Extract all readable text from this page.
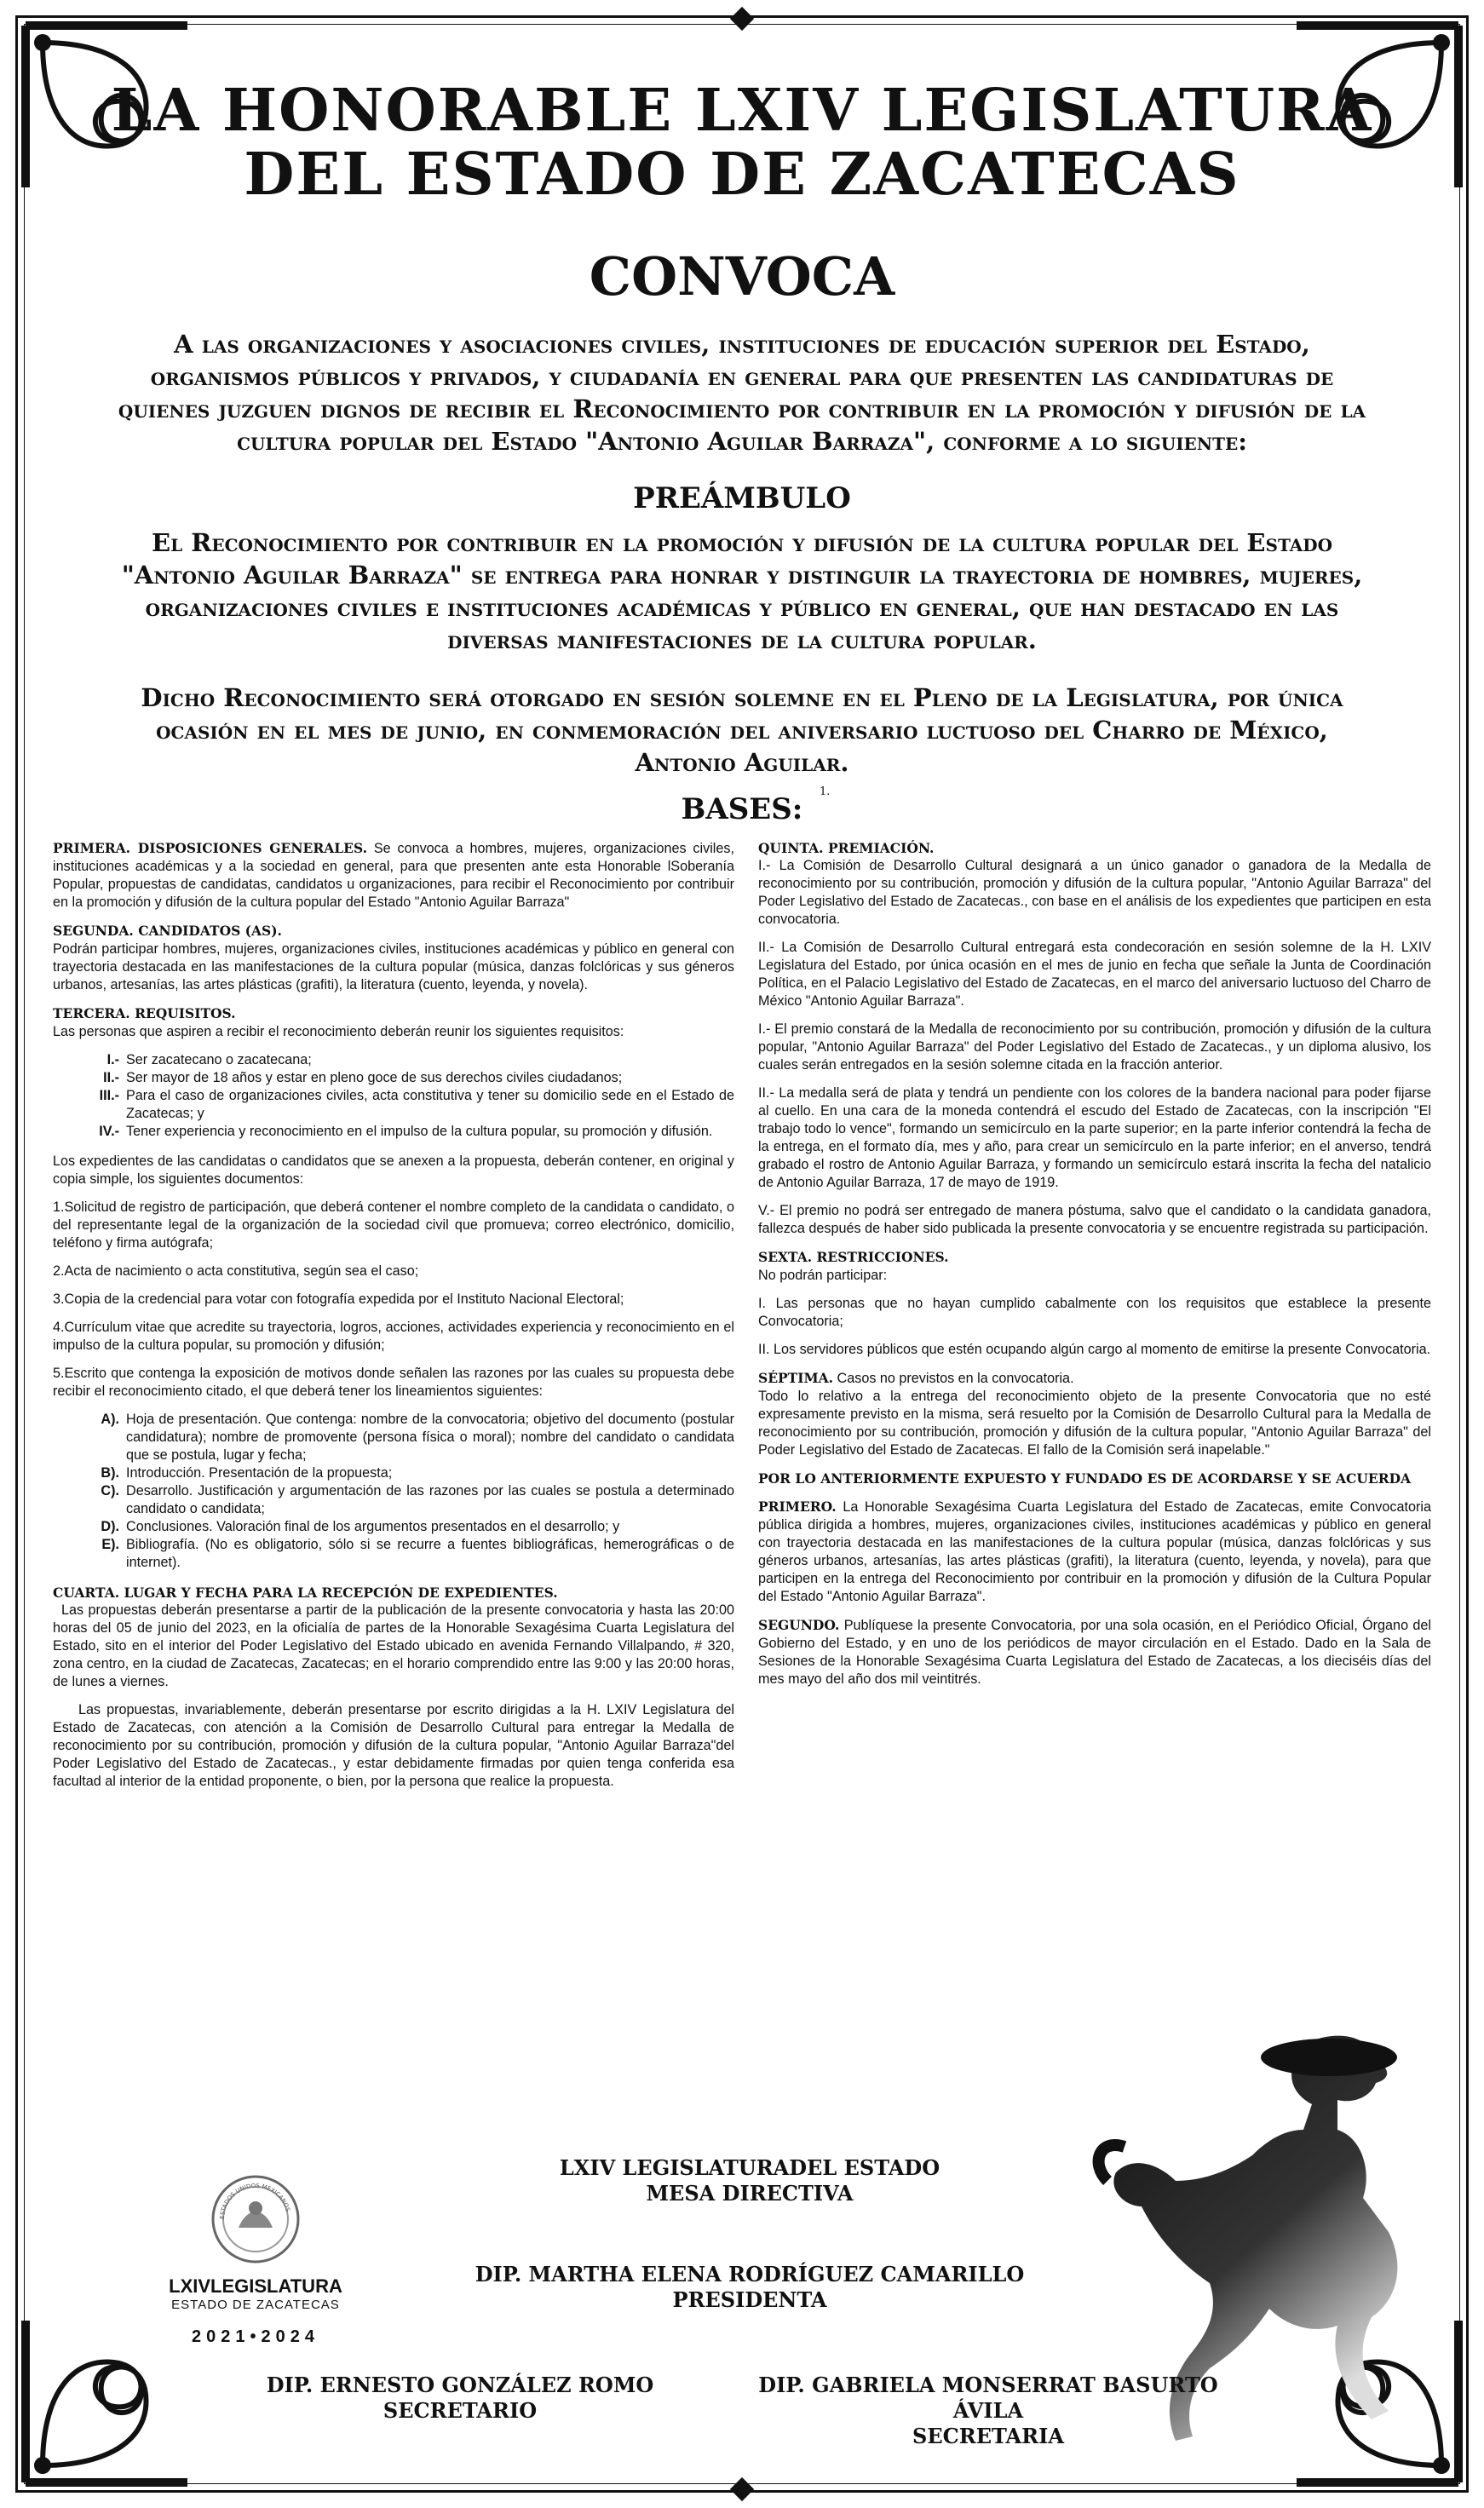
LA HONORABLE LXIV LEGISLATURA
DEL ESTADO DE ZACATECAS
CONVOCA
A las organizaciones y asociaciones civiles, instituciones de educación superior del Estado, organismos públicos y privados, y ciudadanía en general para que presenten las candidaturas de quienes juzguen dignos de recibir el Reconocimiento por contribuir en la promoción y difusión de la cultura popular del Estado "Antonio Aguilar Barraza", conforme a lo siguiente:
PREÁMBULO
El Reconocimiento por contribuir en la promoción y difusión de la cultura popular del Estado "Antonio Aguilar Barraza" se entrega para honrar y distinguir la trayectoria de hombres, mujeres, organizaciones civiles e instituciones académicas y público en general, que han destacado en las diversas manifestaciones de la cultura popular.
Dicho Reconocimiento será otorgado en sesión solemne en el Pleno de la Legislatura, por única ocasión en el mes de junio, en conmemoración del aniversario luctuoso del Charro de México, Antonio Aguilar.
BASES:
1.

PRIMERA. DISPOSICIONES GENERALES. Se convoca a hombres, mujeres, organizaciones civiles, instituciones académicas y a la sociedad en general, para que presenten ante esta Honorable lSoberanía Popular, propuestas de candidatas, candidatos u organizaciones, para recibir el Reconocimiento por contribuir en la promoción y difusión de la cultura popular del Estado "Antonio Aguilar Barraza"

SEGUNDA. CANDIDATOS (AS).
Podrán participar hombres, mujeres, organizaciones civiles, instituciones académicas y público en general con trayectoria destacada en las manifestaciones de la cultura popular (música, danzas folclóricas y sus géneros urbanos, artesanías, las artes plásticas (grafiti), la literatura (cuento, leyenda, y novela).

TERCERA. REQUISITOS.
Las personas que aspiren a recibir el reconocimiento deberán reunir los siguientes requisitos:

I.- Ser zacatecano o zacatecana;
II.- Ser mayor de 18 años y estar en pleno goce de sus derechos civiles ciudadanos;
III.- Para el caso de organizaciones civiles, acta constitutiva y tener su domicilio sede en el Estado de Zacatecas; y
IV.- Tener experiencia y reconocimiento en el impulso de la cultura popular, su promoción y difusión.

Los expedientes de las candidatas o candidatos que se anexen a la propuesta, deberán contener, en original y copia simple, los siguientes documentos:

1.Solicitud de registro de participación, que deberá contener el nombre completo de la candidata o candidato, o del representante legal de la organización de la sociedad civil que promueva; correo electrónico, domicilio, teléfono y firma autógrafa;

2.Acta de nacimiento o acta constitutiva, según sea el caso;

3.Copia de la credencial para votar con fotografía expedida por el Instituto Nacional Electoral;

4.Currículum vitae que acredite su trayectoria, logros, acciones, actividades experiencia y reconocimiento en el impulso de la cultura popular, su promoción y difusión;

5.Escrito que contenga la exposición de motivos donde señalen las razones por las cuales su propuesta debe recibir el reconocimiento citado, el que deberá tener los lineamientos siguientes:

A). Hoja de presentación. Que contenga: nombre de la convocatoria; objetivo del documento (postular candidatura); nombre de promovente (persona física o moral); nombre del candidato o candidata que se postula, lugar y fecha;
B). Introducción. Presentación de la propuesta;
C). Desarrollo. Justificación y argumentación de las razones por las cuales se postula a determinado candidato o candidata;
D). Conclusiones. Valoración final de los argumentos presentados en el desarrollo; y
E). Bibliografía. (No es obligatorio, sólo si se recurre a fuentes bibliográficas, hemerográficas o de internet).

CUARTA. LUGAR Y FECHA PARA LA RECEPCIÓN DE EXPEDIENTES.

Las propuestas deberán presentarse a partir de la publicación de la presente convocatoria y hasta las 20:00 horas del 05 de junio del 2023, en la oficialía de partes de la Honorable Sexagésima Cuarta Legislatura del Estado, sito en el interior del Poder Legislativo del Estado ubicado en avenida Fernando Villalpando, # 320, zona centro, en la ciudad de Zacatecas, Zacatecas; en el horario comprendido entre las 9:00 y las 20:00 horas, de lunes a viernes.

Las propuestas, invariablemente, deberán presentarse por escrito dirigidas a la H. LXIV Legislatura del Estado de Zacatecas, con atención a la Comisión de Desarrollo Cultural para entregar la Medalla de reconocimiento por su contribución, promoción y difusión de la cultura popular, "Antonio Aguilar Barraza"del Poder Legislativo del Estado de Zacatecas., y estar debidamente firmadas por quien tenga conferida esa facultad al interior de la entidad proponente, o bien, por la persona que realice la propuesta.

QUINTA. PREMIACIÓN.

I.- La Comisión de Desarrollo Cultural designará a un único ganador o ganadora de la Medalla de reconocimiento por su contribución, promoción y difusión de la cultura popular, "Antonio Aguilar Barraza" del Poder Legislativo del Estado de Zacatecas., con base en el análisis de los expedientes que participen en esta convocatoria.

II.- La Comisión de Desarrollo Cultural entregará esta condecoración en sesión solemne de la H. LXIV Legislatura del Estado, por única ocasión en el mes de junio en fecha que señale la Junta de Coordinación Política, en el Palacio Legislativo del Estado de Zacatecas, en el marco del aniversario luctuoso del Charro de México "Antonio Aguilar Barraza".

I.- El premio constará de la Medalla de reconocimiento por su contribución, promoción y difusión de la cultura popular, "Antonio Aguilar Barraza" del Poder Legislativo del Estado de Zacatecas., y un diploma alusivo, los cuales serán entregados en la sesión solemne citada en la fracción anterior.

II.- La medalla será de plata y tendrá un pendiente con los colores de la bandera nacional para poder fijarse al cuello. En una cara de la moneda contendrá el escudo del Estado de Zacatecas, con la inscripción "El trabajo todo lo vence", formando un semicírculo en la parte superior; en la parte inferior contendrá la fecha de la entrega, en el formato día, mes y año, para crear un semicírculo en la parte inferior; en el anverso, tendrá grabado el rostro de Antonio Aguilar Barraza, y formando un semicírculo estará inscrita la fecha del natalicio de Antonio Aguilar Barraza, 17 de mayo de 1919.

V.- El premio no podrá ser entregado de manera póstuma, salvo que el candidato o la candidata ganadora, fallezca después de haber sido publicada la presente convocatoria y se encuentre registrada su participación.

SEXTA. RESTRICCIONES.
No podrán participar:

I. Las personas que no hayan cumplido cabalmente con los requisitos que establece la presente Convocatoria;

II. Los servidores públicos que estén ocupando algún cargo al momento de emitirse la presente Convocatoria.

SÉPTIMA. Casos no previstos en la convocatoria.
Todo lo relativo a la entrega del reconocimiento objeto de la presente Convocatoria que no esté expresamente previsto en la misma, será resuelto por la Comisión de Desarrollo Cultural para la Medalla de reconocimiento por su contribución, promoción y difusión de la cultura popular, "Antonio Aguilar Barraza" del Poder Legislativo del Estado de Zacatecas. El fallo de la Comisión será inapelable."

POR LO ANTERIORMENTE EXPUESTO Y FUNDADO ES DE ACORDARSE Y SE ACUERDA

PRIMERO. La Honorable Sexagésima Cuarta Legislatura del Estado de Zacatecas, emite Convocatoria pública dirigida a hombres, mujeres, organizaciones civiles, instituciones académicas y público en general con trayectoria destacada en las manifestaciones de la cultura popular (música, danzas folclóricas y sus géneros urbanos, artesanías, las artes plásticas (grafiti), la literatura (cuento, leyenda, y novela), para que participen en la entrega del Reconocimiento por contribuir en la promoción y difusión de la Cultura Popular del Estado "Antonio Aguilar Barraza".

SEGUNDO. Publíquese la presente Convocatoria, por una sola ocasión, en el Periódico Oficial, Órgano del Gobierno del Estado, y en uno de los periódicos de mayor circulación en el Estado. Dado en la Sala de Sesiones de la Honorable Sexagésima Cuarta Legislatura del Estado de Zacatecas, a los dieciséis días del mes mayo del año dos mil veintitrés.

ESTADOS UNIDOS MEXICANOS
LXIVLEGISLATURA
ESTADO DE ZACATECAS
2021•2024
LXIV LEGISLATURADEL ESTADO
MESA DIRECTIVA
DIP. MARTHA ELENA RODRÍGUEZ CAMARILLO
PRESIDENTA
DIP. ERNESTO GONZÁLEZ ROMO
SECRETARIO
DIP. GABRIELA MONSERRAT BASURTO ÁVILA
SECRETARIA
